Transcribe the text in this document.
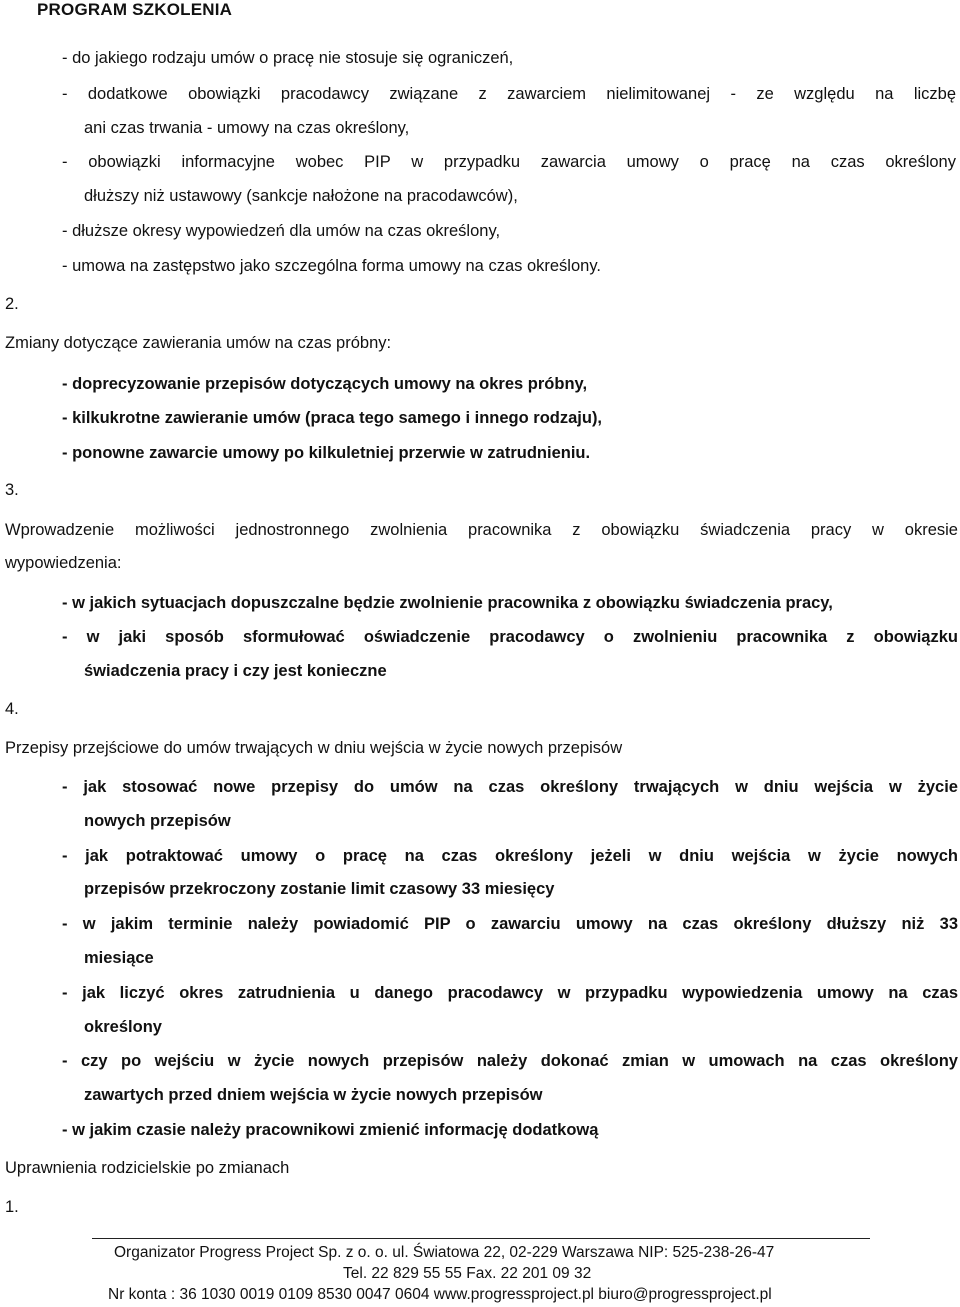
PROGRAM SZKOLENIA
- do jakiego rodzaju umów o pracę nie stosuje się ograniczeń,
- dodatkowe obowiązki pracodawcy związane z zawarciem nielimitowanej - ze względu na liczbę
ani czas trwania - umowy na czas określony,
- obowiązki informacyjne wobec PIP w przypadku zawarcia umowy o pracę na czas określony
dłuższy niż ustawowy (sankcje nałożone na pracodawców),
- dłuższe okresy wypowiedzeń dla umów na czas określony,
- umowa na zastępstwo jako szczególna forma umowy na czas określony.
2.
Zmiany dotyczące zawierania umów na czas próbny:
- doprecyzowanie przepisów dotyczących umowy na okres próbny,
- kilkukrotne zawieranie umów (praca tego samego i innego rodzaju),
- ponowne zawarcie umowy po kilkuletniej przerwie w zatrudnieniu.
3.
Wprowadzenie możliwości jednostronnego zwolnienia pracownika z obowiązku świadczenia pracy w okresie
wypowiedzenia:
- w jakich sytuacjach dopuszczalne będzie zwolnienie pracownika z obowiązku świadczenia pracy,
- w jaki sposób sformułować oświadczenie pracodawcy o zwolnieniu pracownika z obowiązku
świadczenia pracy i czy jest konieczne
4.
Przepisy przejściowe do umów trwających w dniu wejścia w życie nowych przepisów
- jak stosować nowe przepisy do umów na czas określony trwających w dniu wejścia w życie
nowych przepisów
- jak potraktować umowy o pracę na czas określony jeżeli w dniu wejścia w życie nowych
przepisów przekroczony zostanie limit czasowy 33 miesięcy
- w jakim terminie należy powiadomić PIP o zawarciu umowy na czas określony dłuższy niż 33
miesiące
- jak liczyć okres zatrudnienia u danego pracodawcy w przypadku wypowiedzenia umowy na czas
określony
- czy po wejściu w życie nowych przepisów należy dokonać zmian w umowach na czas określony
zawartych przed dniem wejścia w życie nowych przepisów
- w jakim czasie należy pracownikowi zmienić informację dodatkową
Uprawnienia rodzicielskie po zmianach
1.
Organizator Progress Project Sp. z o. o. ul. Światowa 22, 02-229 Warszawa NIP: 525-238-26-47
Tel. 22 829 55 55 Fax. 22 201 09 32
Nr konta : 36 1030 0019 0109 8530 0047 0604 www.progressproject.pl biuro@progressproject.pl
